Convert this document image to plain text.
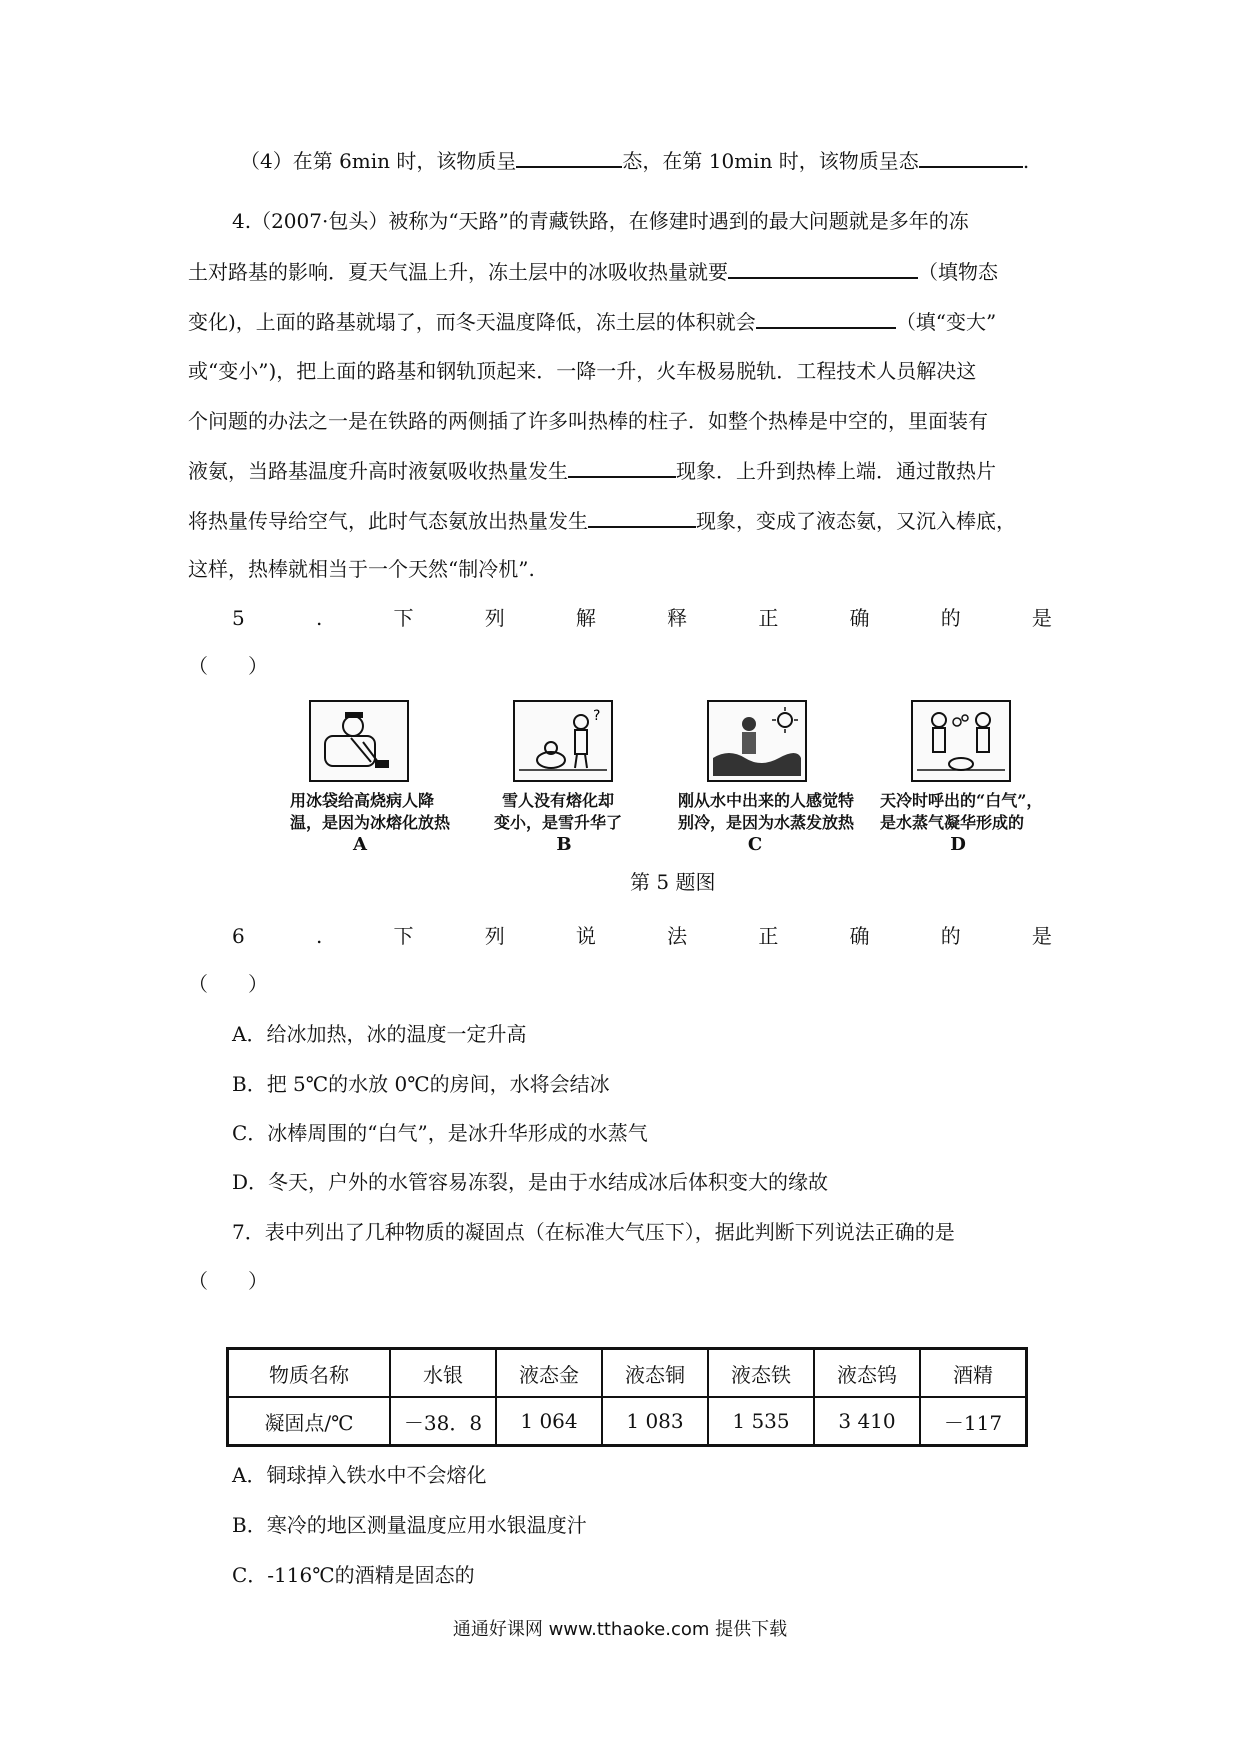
（4）在第 6min 时，该物质呈	态，在第 10min 时，该物质呈态	.
4.（2007·包头）被称为“天路”的青藏铁路，在修建时遇到的最大问题就是多年的冻
土对路基的影响．夏天气温上升，冻土层中的冰吸收热量就要	（填物态
变化)，上面的路基就塌了，而冬天温度降低，冻土层的体积就会	（填“变大”
或“变小”)，把上面的路基和钢轨顶起来．一降一升，火车极易脱轨．工程技术人员解决这
个问题的办法之一是在铁路的两侧插了许多叫热棒的柱子．如整个热棒是中空的，里面装有
液氨，当路基温度升高时液氨吸收热量发生	现象．上升到热棒上端．通过散热片
将热量传导给空气，此时气态氨放出热量发生	现象，变成了液态氨，又沉入棒底，
这样，热棒就相当于一个天然“制冷机”.
5	.	下	列	解	释	正	确	的	是
（　　）
?
用冰袋给高烧病人降
温，是因为冰熔化放热
A
雪人没有熔化却
变小，是雪升华了
B
刚从水中出来的人感觉特
别冷，是因为水蒸发放热
C
天冷时呼出的“白气”，
是水蒸气凝华形成的
D
第 5 题图
6	.	下	列	说	法	正	确	的	是
（　　）
A．给冰加热，冰的温度一定升高
B．把 5℃的水放 0℃的房间，水将会结冰
C．冰棒周围的“白气”，是冰升华形成的水蒸气
D．冬天，户外的水管容易冻裂，是由于水结成冰后体积变大的缘故
7．表中列出了几种物质的凝固点（在标准大气压下），据此判断下列说法正确的是
（　　）
物质名称	水银	液态金	液态铜	液态铁	液态钨	酒精
凝固点/℃	－38．8	1 064	1 083	1 535	3 410	－117
A．铜球掉入铁水中不会熔化
B．寒冷的地区测量温度应用水银温度汁
C．-116℃的酒精是固态的
通通好课网 www.tthaoke.com 提供下载
